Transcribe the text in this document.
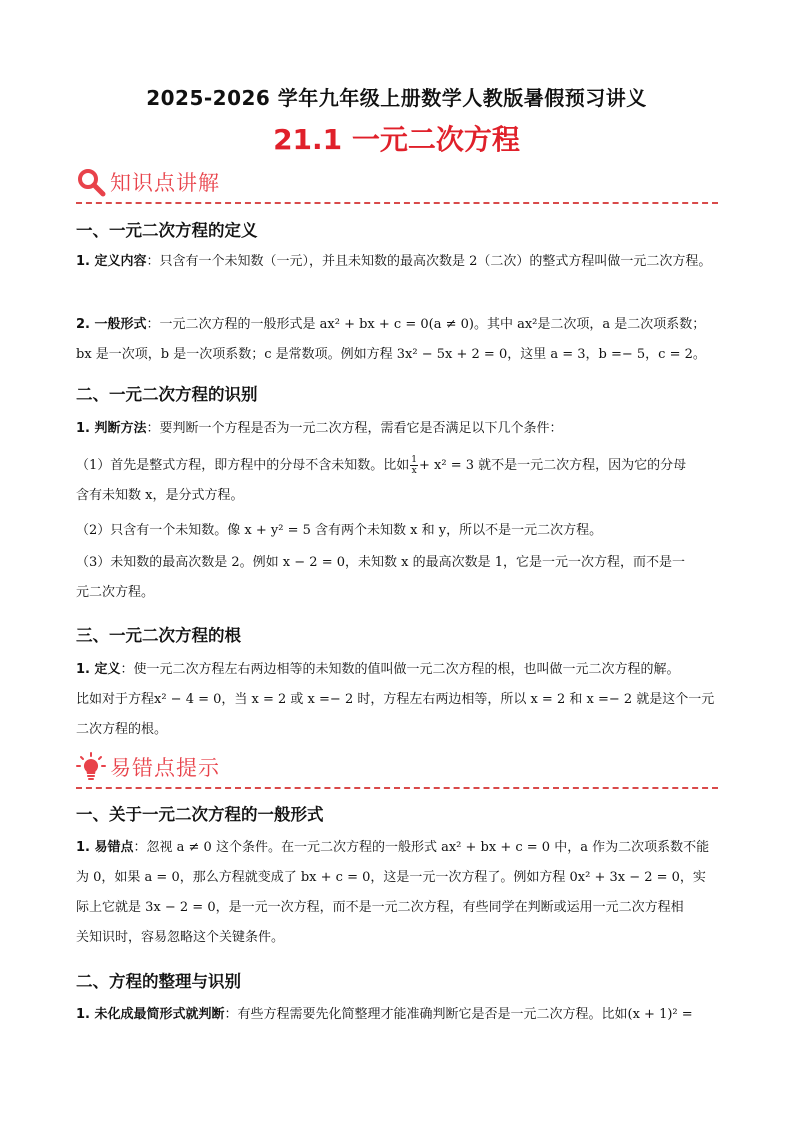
2025-2026 学年九年级上册数学人教版暑假预习讲义
21.1 一元二次方程
知识点讲解
一、一元二次方程的定义
1. 定义内容：只含有一个未知数（一元），并且未知数的最高次数是 2（二次）的整式方程叫做一元二次方程。
2. 一般形式：一元二次方程的一般形式是 ax² + bx + c = 0(a ≠ 0)。其中 ax²是二次项，a 是二次项系数；
bx 是一次项，b 是一次项系数；c 是常数项。例如方程 3x² − 5x + 2 = 0，这里 a = 3，b =− 5，c = 2。
二、一元二次方程的识别
1. 判断方法：要判断一个方程是否为一元二次方程，需看它是否满足以下几个条件：
（1）首先是整式方程，即方程中的分母不含未知数。比如 $\frac{1}{x} + x^2 = 3$ 就不是一元二次方程，因为它的分母
含有未知数 x，是分式方程。
（2）只含有一个未知数。像 x + y² = 5 含有两个未知数 x 和 y，所以不是一元二次方程。
（3）未知数的最高次数是 2。例如 x − 2 = 0，未知数 x 的最高次数是 1，它是一元一次方程，而不是一
元二次方程。
三、一元二次方程的根
1. 定义：使一元二次方程左右两边相等的未知数的值叫做一元二次方程的根，也叫做一元二次方程的解。
比如对于方程x² − 4 = 0，当 x = 2 或 x =− 2 时，方程左右两边相等，所以 x = 2 和 x =− 2 就是这个一元
二次方程的根。
易错点提示
一、关于一元二次方程的一般形式
1. 易错点：忽视 a ≠ 0 这个条件。在一元二次方程的一般形式 ax² + bx + c = 0 中，a 作为二次项系数不能
为 0，如果 a = 0，那么方程就变成了 bx + c = 0，这是一元一次方程了。例如方程 0x² + 3x − 2 = 0，实
际上它就是 3x − 2 = 0，是一元一次方程，而不是一元二次方程，有些同学在判断或运用一元二次方程相
关知识时，容易忽略这个关键条件。
二、方程的整理与识别
1. 未化成最简形式就判断：有些方程需要先化简整理才能准确判断它是否是一元二次方程。比如(x + 1)² =
